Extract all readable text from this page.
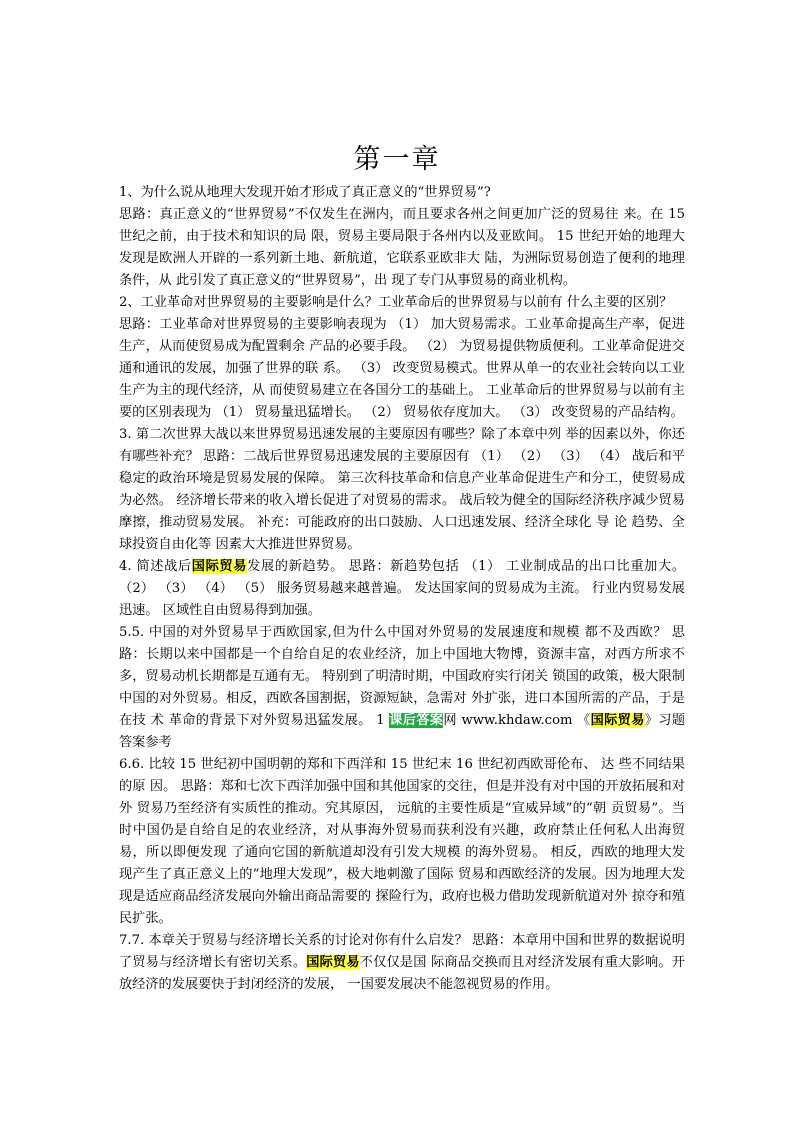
第一章

1、为什么说从地理大发现开始才形成了真正意义的“世界贸易”?

思路：真正意义的“世界贸易”不仅发生在洲内，而且要求各州之间更加广泛的贸易往 来。在 15 世纪之前，由于技术和知识的局 限，贸易主要局限于各州内以及亚欧间。 15 世纪开始的地理大发现是欧洲人开辟的一系列新土地、新航道，它联系亚欧非大 陆，为洲际贸易创造了便利的地理条件，从 此引发了真正意义的“世界贸易”，出 现了专门从事贸易的商业机构。

2、工业革命对世界贸易的主要影响是什么？工业革命后的世界贸易与以前有 什么主要的区别？

思路：工业革命对世界贸易的主要影响表现为 （1） 加大贸易需求。工业革命提高生产率，促进生产，从而使贸易成为配置剩余 产品的必要手段。 （2） 为贸易提供物质便利。工业革命促进交通和通讯的发展，加强了世界的联 系。 （3） 改变贸易模式。世界从单一的农业社会转向以工业生产为主的现代经济，从 而使贸易建立在各国分工的基础上。 工业革命后的世界贸易与以前有主要的区别表现为 （1） 贸易量迅猛增长。 （2） 贸易依存度加大。 （3） 改变贸易的产品结构。

3. 第二次世界大战以来世界贸易迅速发展的主要原因有哪些？除了本章中列 举的因素以外，你还有哪些补充？ 思路：二战后世界贸易迅速发展的主要原因有 （1） （2） （3） （4） 战后和平稳定的政治环境是贸易发展的保障。 第三次科技革命和信息产业革命促进生产和分工，使贸易成为必然。 经济增长带来的收入增长促进了对贸易的需求。 战后较为健全的国际经济秩序减少贸易摩擦，推动贸易发展。 补充：可能政府的出口鼓励、人口迅速发展、经济全球化 导 论 趋势、全球投资自由化等 因素大大推进世界贸易。

4. 简述战后国际贸易发展的新趋势。 思路：新趋势包括 （1） 工业制成品的出口比重加大。 （2） （3） （4） （5） 服务贸易越来越普遍。 发达国家间的贸易成为主流。 行业内贸易发展迅速。 区域性自由贸易得到加强。

5.5. 中国的对外贸易早于西欧国家,但为什么中国对外贸易的发展速度和规模 都不及西欧？ 思路：长期以来中国都是一个自给自足的农业经济，加上中国地大物博，资源丰富，对西方所求不多，贸易动机长期都是互通有无。 特别到了明清时期，中国政府实行闭关 锁国的政策，极大限制中国的对外贸易。相反，西欧各国割据，资源短缺，急需对 外扩张，进口本国所需的产品，于是在技 术 革命的背景下对外贸易迅猛发展。 1 课后答案网 www.khdaw.com 《国际贸易》习题答案参考

6.6. 比较 15 世纪初中国明朝的郑和下西洋和 15 世纪末 16 世纪初西欧哥伦布、 达 些不同结果的原 因。 思路：郑和七次下西洋加强中国和其他国家的交往，但是并没有对中国的开放拓展和对外 贸易乃至经济有实质性的推动。究其原因， 远航的主要性质是“宣威异域”的“朝 贡贸易”。当时中国仍是自给自足的农业经济，对从事海外贸易而获利没有兴趣，政府禁止任何私人出海贸易，所以即便发现 了通向它国的新航道却没有引发大规模 的海外贸易。 相反，西欧的地理大发现产生了真正意义上的“地理大发现”，极大地刺激了国际 贸易和西欧经济的发展。因为地理大发现是适应商品经济发展向外输出商品需要的 探险行为，政府也极力借助发现新航道对外 掠夺和殖民扩张。

7.7. 本章关于贸易与经济增长关系的讨论对你有什么启发？ 思路：本章用中国和世界的数据说明了贸易与经济增长有密切关系。国际贸易不仅仅是国 际商品交换而且对经济发展有重大影响。开 放经济的发展要快于封闭经济的发展， 一国要发展决不能忽视贸易的作用。
